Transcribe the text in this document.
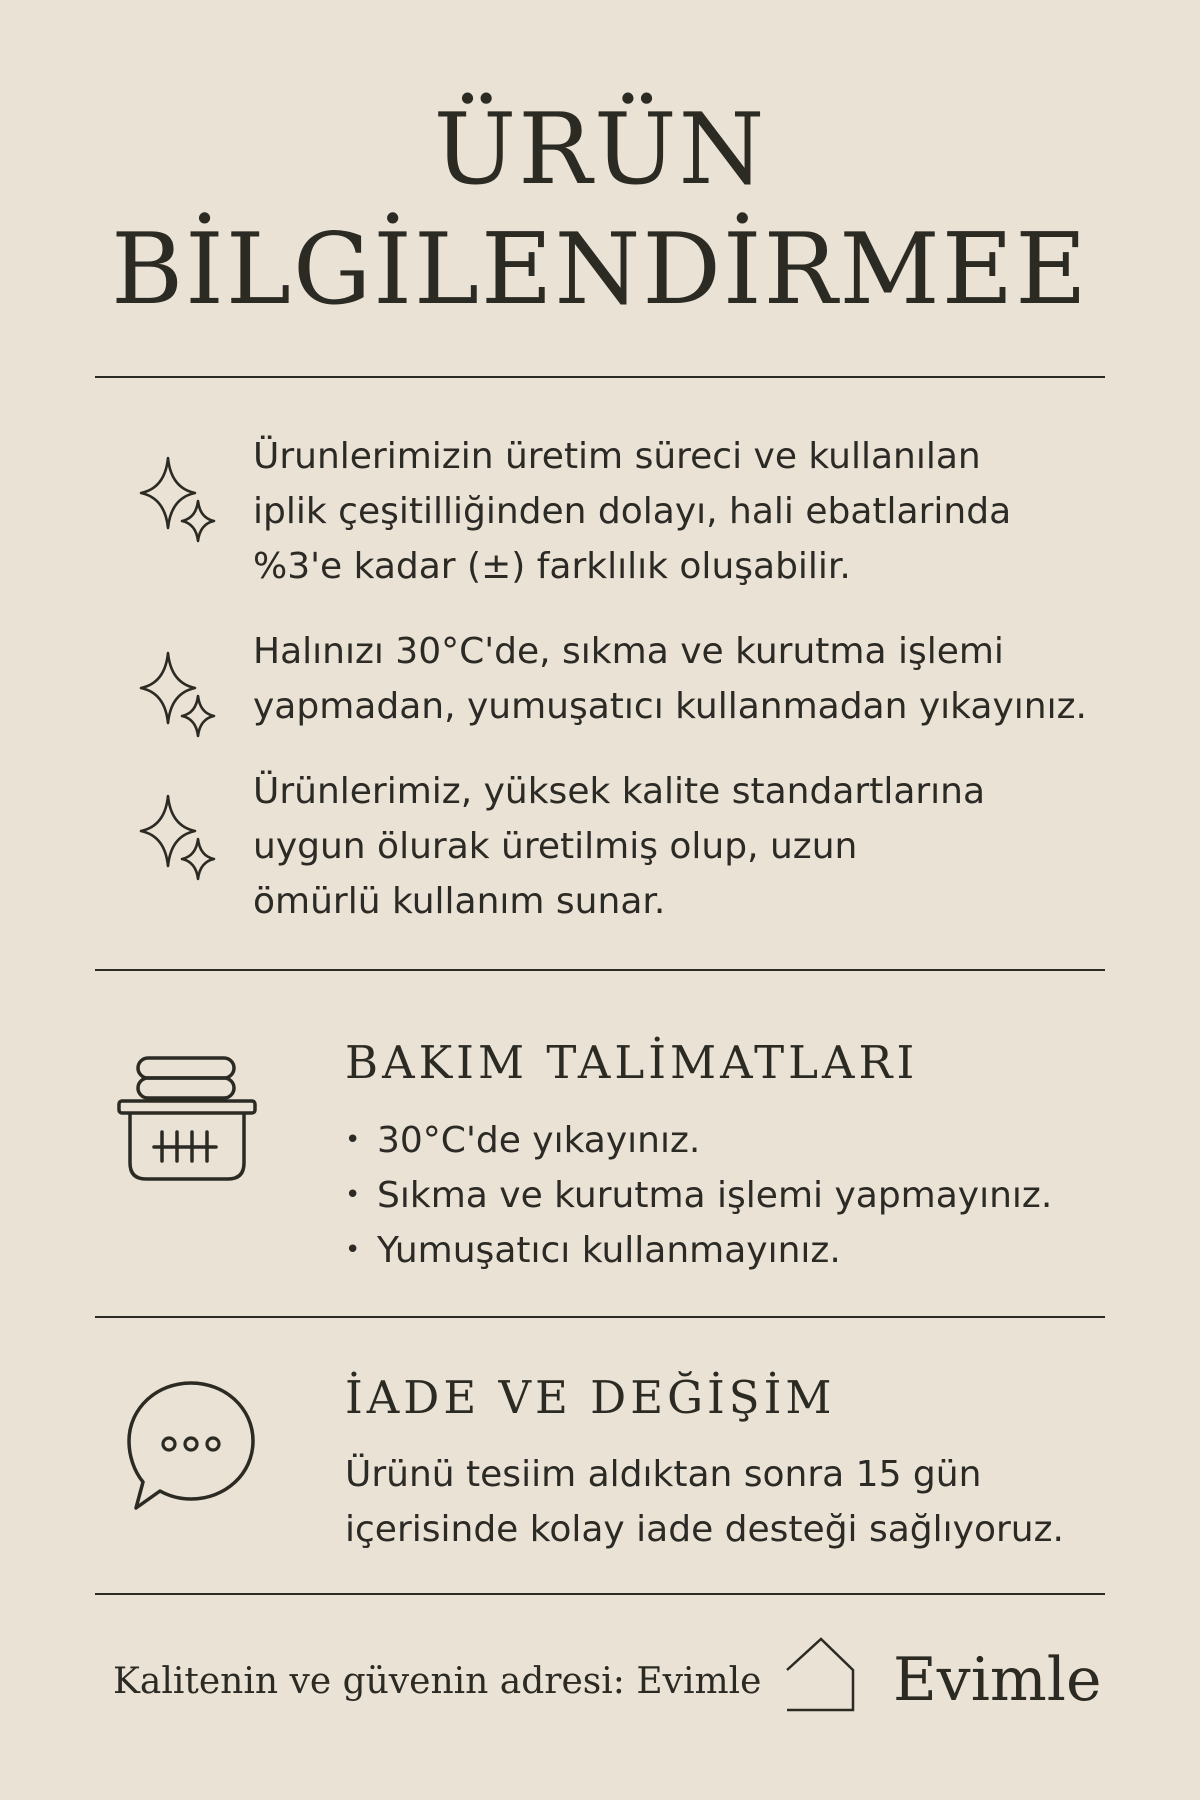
ÜRÜN
BİLGİLENDİRMEE

Ürunlerimizin üretim süreci ve kullanılan
iplik çeşitilliğinden dolayı, hali ebatlarinda
%3'e kadar (±) farklılık oluşabilir.

Halınızı 30°C'de, sıkma ve kurutma işlemi
yapmadan, yumuşatıcı kullanmadan yıkayınız.

Ürünlerimiz, yüksek kalite standartlarına
uygun ölurak üretilmiş olup, uzun
ömürlü kullanım sunar.

BAKIM TALİMATLARI
• 30°C'de yıkayınız.
• Sıkma ve kurutma işlemi yapmayınız.
• Yumuşatıcı kullanmayınız.
İADE VE DEĞİŞİM

Ürünü tesiim aldıktan sonra 15 gün
içerisinde kolay iade desteği sağlıyoruz.

Kalitenin ve güvenin adresi: Evimle Evimle
